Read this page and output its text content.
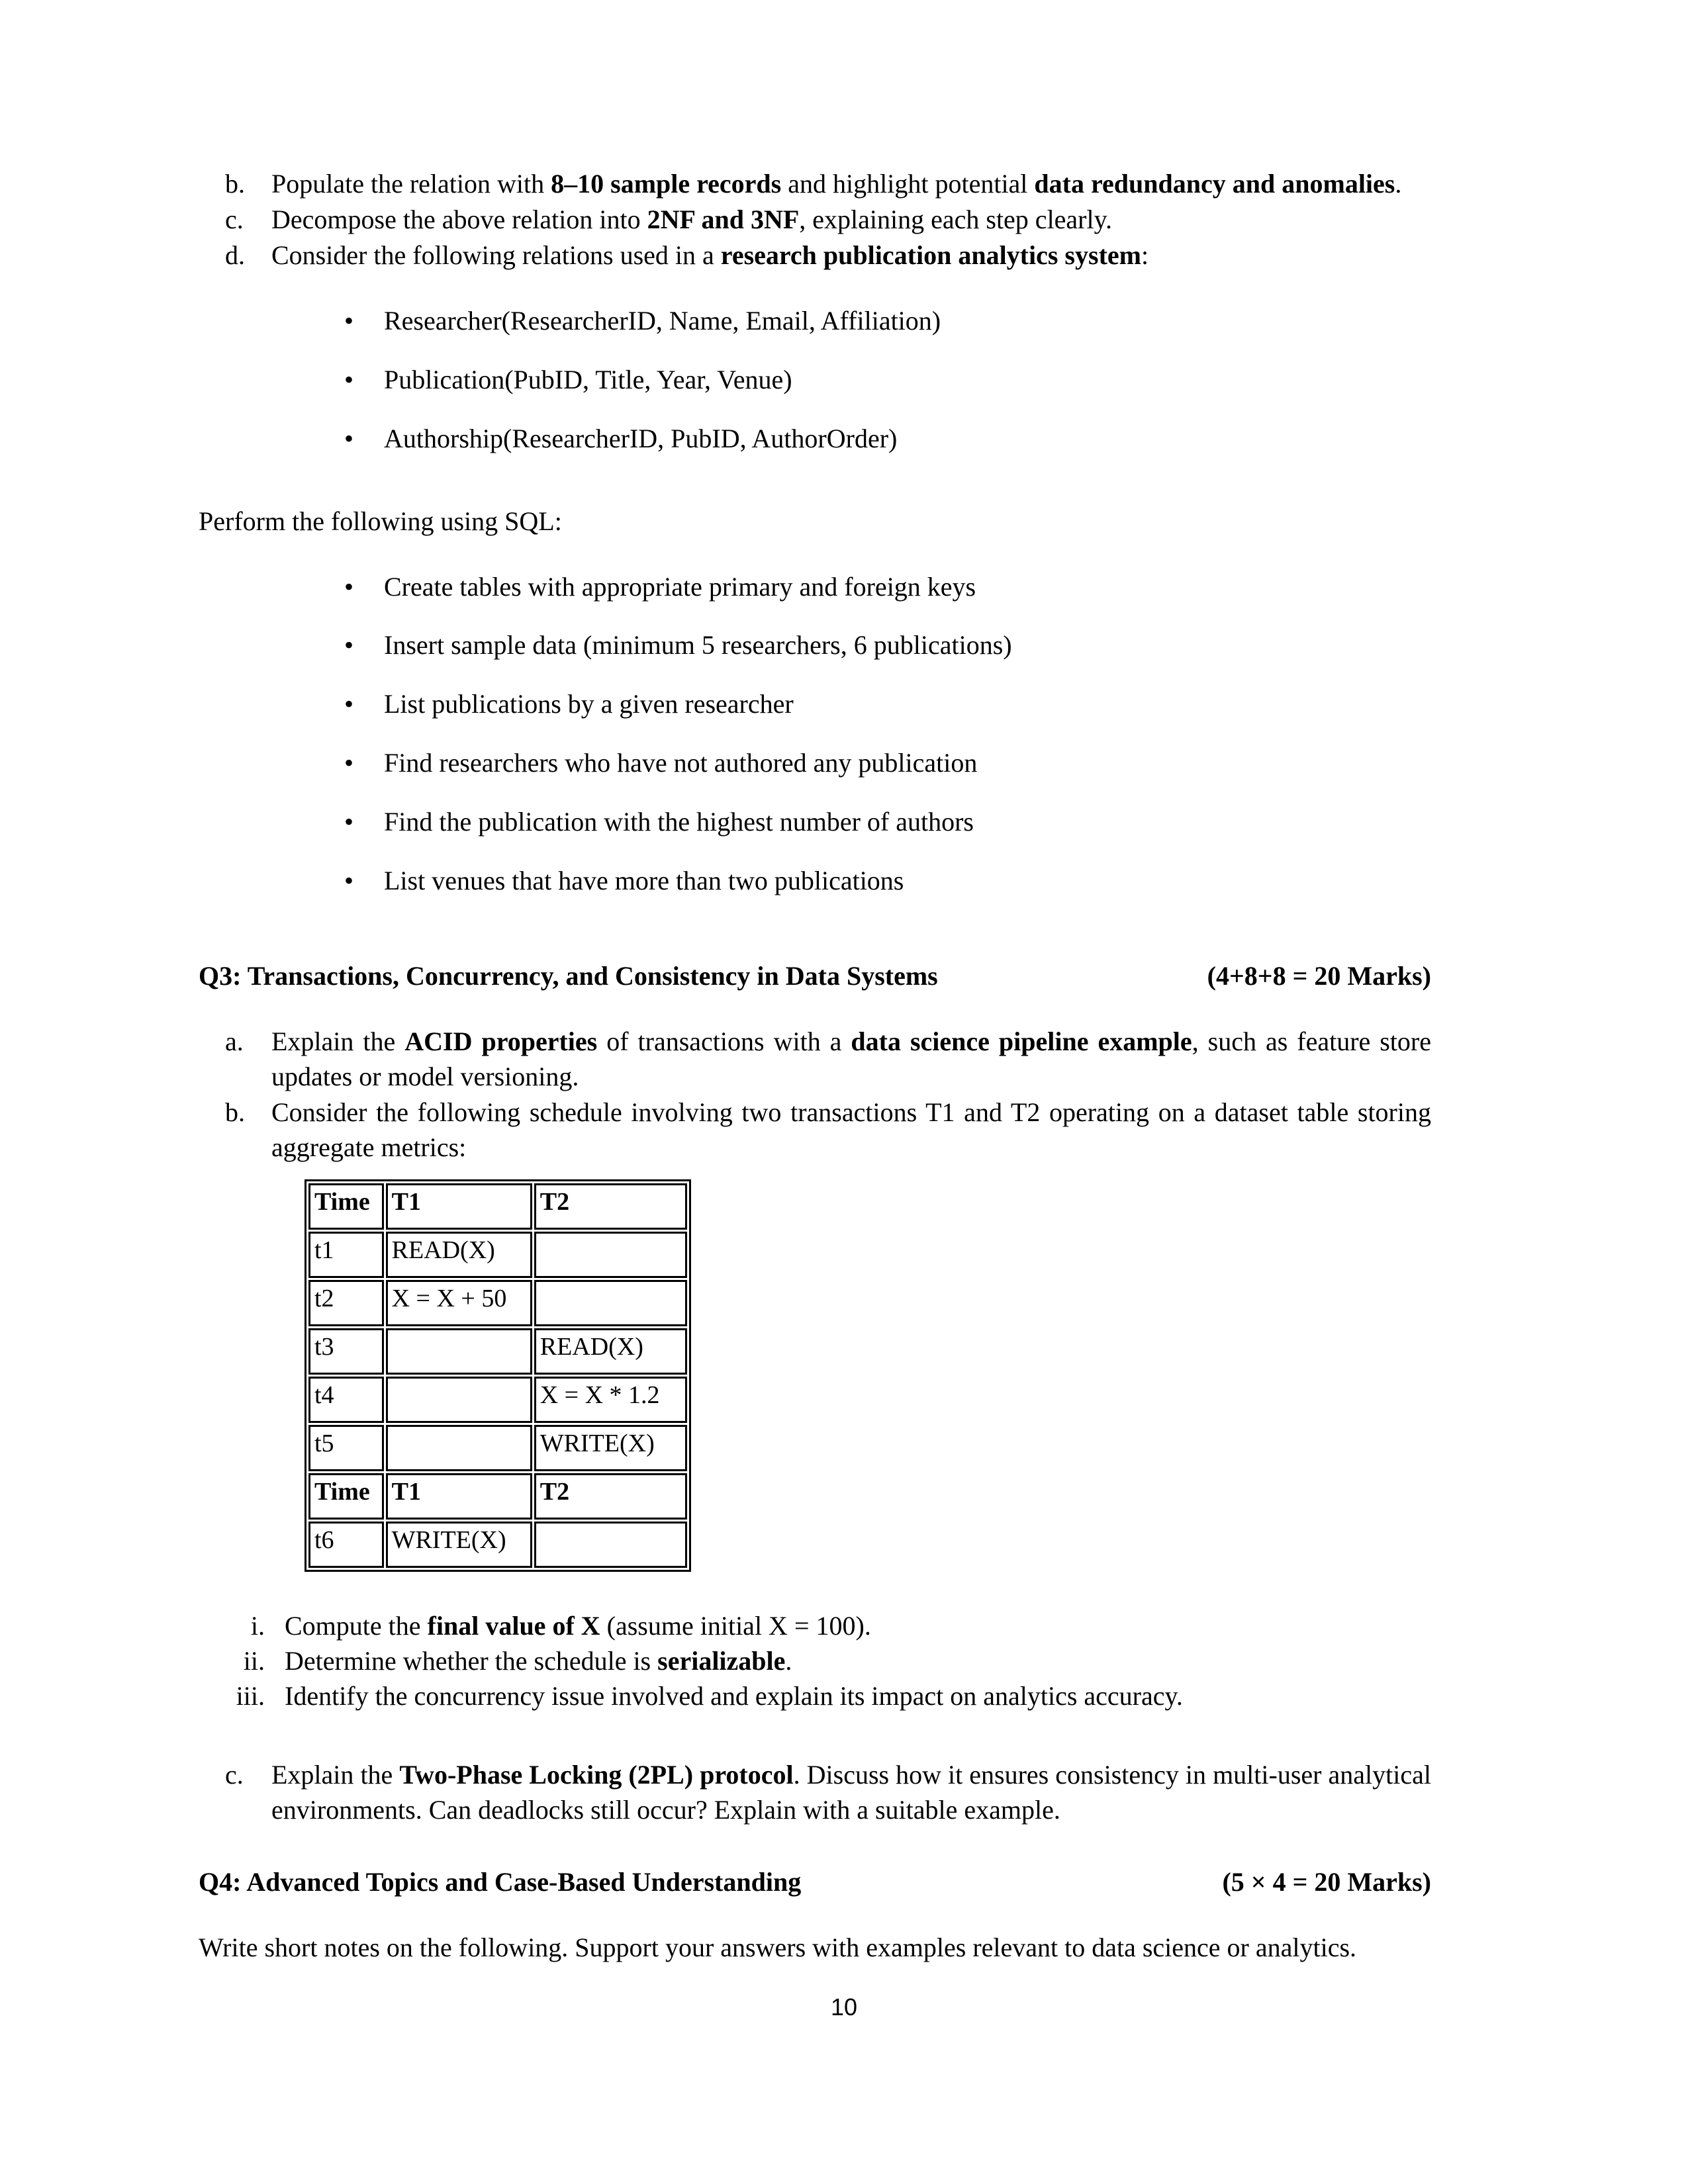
b.	Populate the relation with 8–10 sample records and highlight potential data redundancy and anomalies.
c.	Decompose the above relation into 2NF and 3NF, explaining each step clearly.
d.	Consider the following relations used in a research publication analytics system:
• Researcher(ResearcherID, Name, Email, Affiliation)
• Publication(PubID, Title, Year, Venue)
• Authorship(ResearcherID, PubID, AuthorOrder)

Perform the following using SQL:

• Create tables with appropriate primary and foreign keys
• Insert sample data (minimum 5 researchers, 6 publications)
• List publications by a given researcher
• Find researchers who have not authored any publication
• Find the publication with the highest number of authors
• List venues that have more than two publications
Q3: Transactions, Concurrency, and Consistency in Data Systems	(4+8+8 = 20 Marks)
a.	Explain the ACID properties of transactions with a data science pipeline example, such as feature store updates or model versioning.
b.	Consider the following schedule involving two transactions T1 and T2 operating on a dataset table storing aggregate metrics:
Time	T1	T2
t1	READ(X)	
t2	X = X + 50	
t3		READ(X)
t4		X = X * 1.2
t5		WRITE(X)
Time	T1	T2
t6	WRITE(X)	
i. Compute the final value of X (assume initial X = 100).
ii. Determine whether the schedule is serializable.
iii. Identify the concurrency issue involved and explain its impact on analytics accuracy.
c.	Explain the Two-Phase Locking (2PL) protocol. Discuss how it ensures consistency in multi-user analytical environments. Can deadlocks still occur? Explain with a suitable example.
Q4: Advanced Topics and Case-Based Understanding	(5 × 4 = 20 Marks)

Write short notes on the following. Support your answers with examples relevant to data science or analytics.

10
